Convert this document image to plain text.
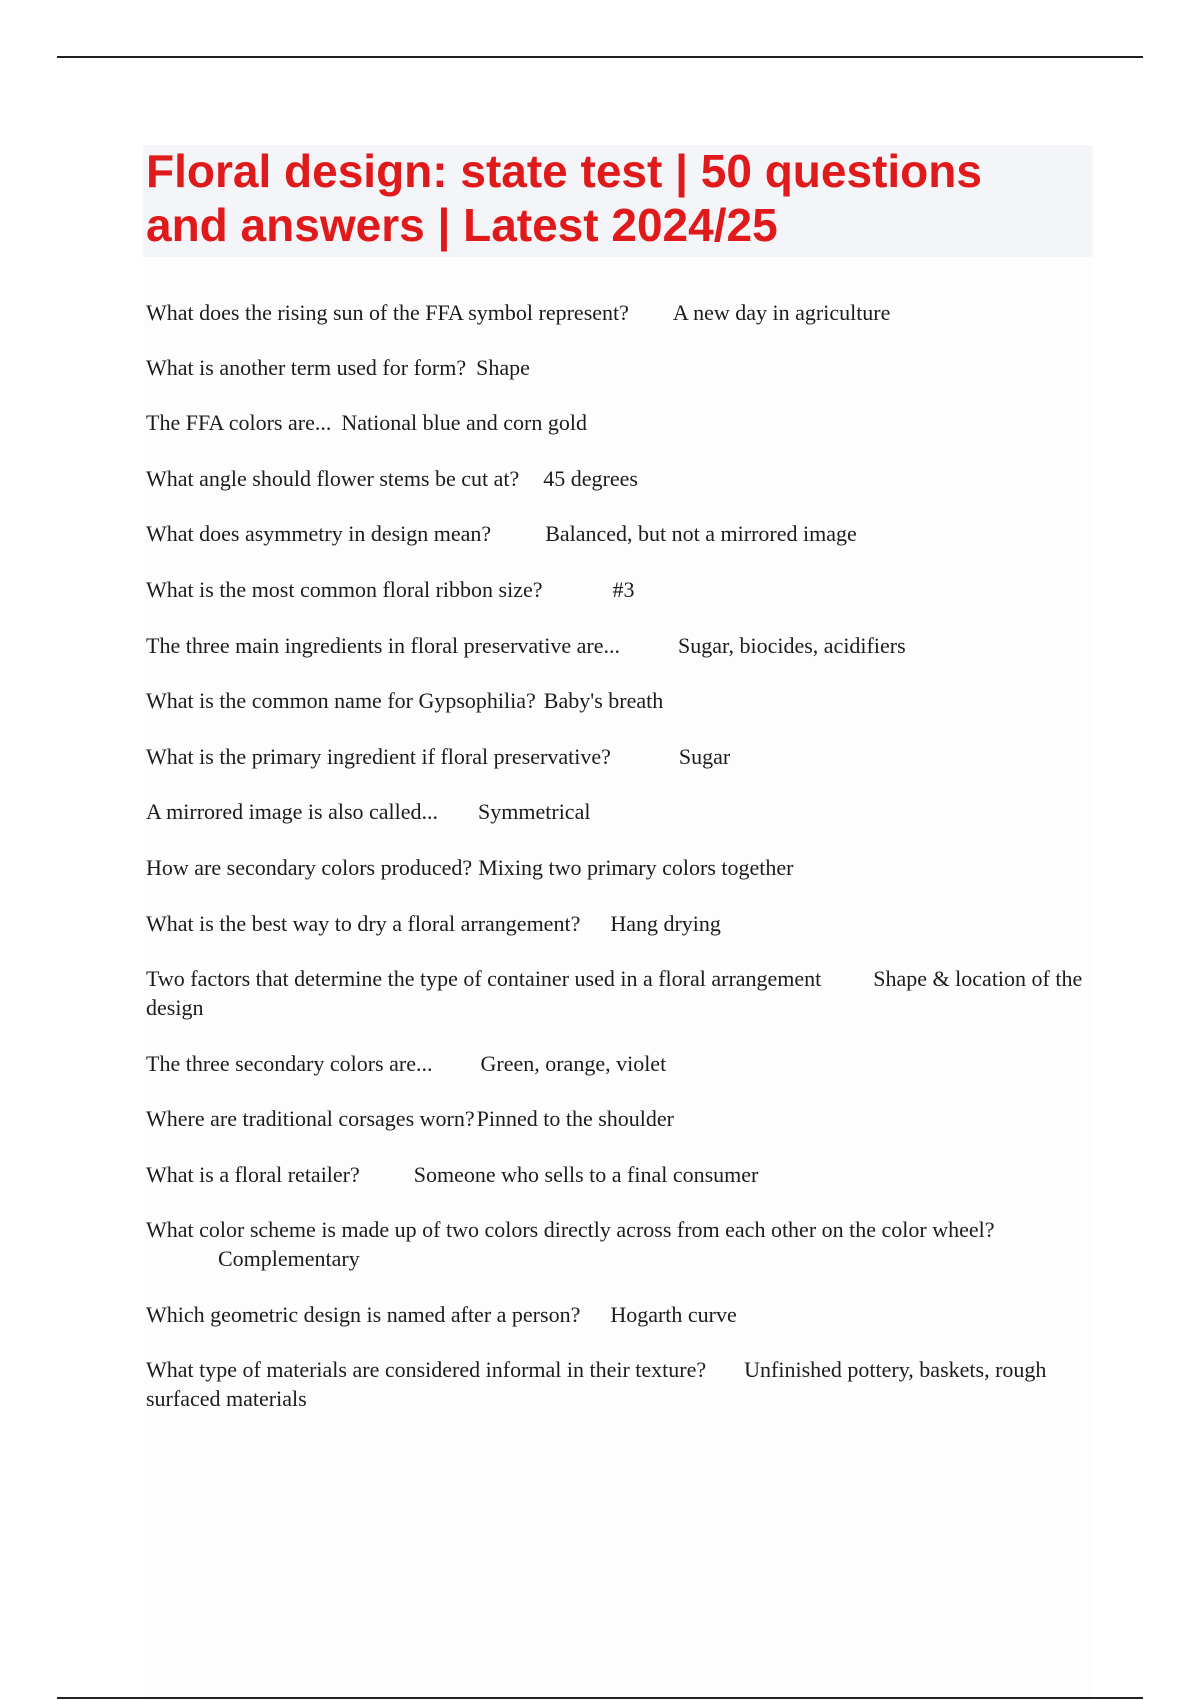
Floral design: state test | 50 questions and answers | Latest 2024/25
What does the rising sun of the FFA symbol represent? A new day in agriculture
What is another term used for form? Shape
The FFA colors are... National blue and corn gold
What angle should flower stems be cut at? 45 degrees
What does asymmetry in design mean? Balanced, but not a mirrored image
What is the most common floral ribbon size?	#3
The three main ingredients in floral preservative are...	Sugar, biocides, acidifiers
What is the common name for Gypsophilia? Baby's breath
What is the primary ingredient if floral preservative?	Sugar
A mirrored image is also called... Symmetrical
How are secondary colors produced? Mixing two primary colors together
What is the best way to dry a floral arrangement? Hang drying
Two factors that determine the type of container used in a floral arrangement Shape & location of the design
The three secondary colors are... Green, orange, violet
Where are traditional corsages worn?Pinned to the shoulder
What is a floral retailer? Someone who sells to a final consumer
What color scheme is made up of two colors directly across from each other on the color wheel?
Complementary
Which geometric design is named after a person? Hogarth curve
What type of materials are considered informal in their texture? Unfinished pottery, baskets, rough surfaced materials
